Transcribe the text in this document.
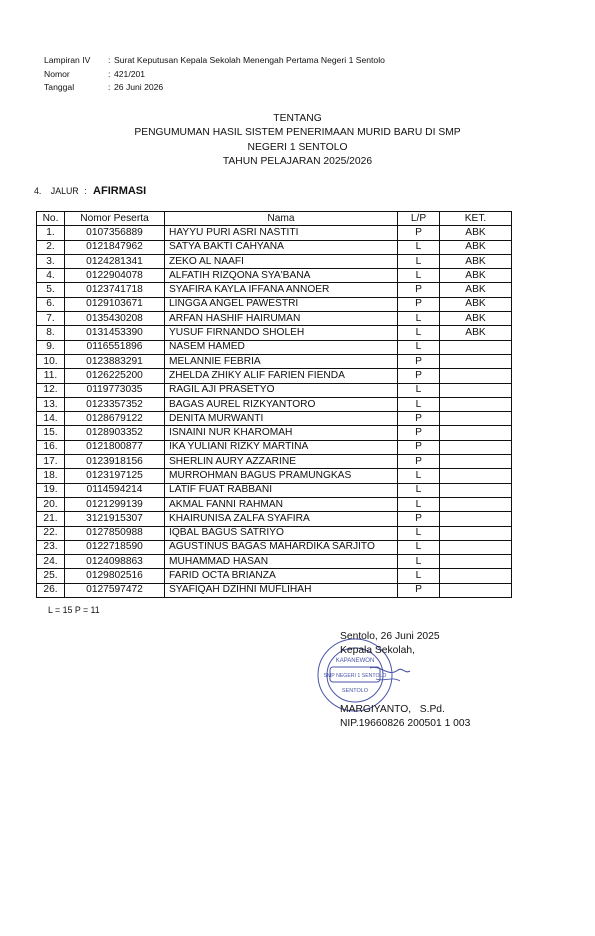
Lampiran IV	: Surat Keputusan Kepala Sekolah Menengah Pertama Negeri 1 Sentolo
Nomor	: 421/201
Tanggal	: 26 Juni 2026
TENTANG
PENGUMUMAN HASIL SISTEM PENERIMAAN MURID BARU DI SMP
NEGERI 1 SENTOLO
TAHUN PELAJARAN 2025/2026
4. JALUR : AFIRMASI
No.	Nomor Peserta	Nama	L/P	KET.
1.	0107356889	HAYYU PURI ASRI NASTITI	P	ABK
2.	0121847962	SATYA BAKTI CAHYANA	L	ABK
3.	0124281341	ZEKO AL NAAFI	L	ABK
4.	0122904078	ALFATIH RIZQONA SYA'BANA	L	ABK
5.	0123741718	SYAFIRA KAYLA IFFANA ANNOER	P	ABK
6.	0129103671	LINGGA ANGEL PAWESTRI	P	ABK
7.	0135430208	ARFAN HASHIF HAIRUMAN	L	ABK
8.	0131453390	YUSUF FIRNANDO SHOLEH	L	ABK
9.	0116551896	NASEM HAMED	L	
10.	0123883291	MELANNIE FEBRIA	P	
11.	0126225200	ZHELDA ZHIKY ALIF FARIEN FIENDA	P	
12.	0119773035	RAGIL AJI PRASETYO	L	
13.	0123357352	BAGAS AUREL RIZKYANTORO	L	
14.	0128679122	DENITA MURWANTI	P	
15.	0128903352	ISNAINI NUR KHAROMAH	P	
16.	0121800877	IKA YULIANI RIZKY MARTINA	P	
17.	0123918156	SHERLIN AURY AZZARINE	P	
18.	0123197125	MURROHMAN BAGUS PRAMUNGKAS	L	
19.	0114594214	LATIF FUAT RABBANI	L	
20.	0121299139	AKMAL FANNI RAHMAN	L	
21.	3121915307	KHAIRUNISA ZALFA SYAFIRA	P	
22.	0127850988	IQBAL BAGUS SATRIYO	L	
23.	0122718590	AGUSTINUS BAGAS MAHARDIKA SARJITO	L	
24.	0124098863	MUHAMMAD HASAN	L	
25.	0129802516	FARID OCTA BRIANZA	L	
26.	0127597472	SYAFIQAH DZIHNI MUFLIHAH	P	
L = 15 P = 11
KAPANEWON
SMP NEGERI 1 SENTOLO
SENTOLO
Sentolo, 26 Juni 2025
Kepala Sekolah,
MARGIYANTO,   S.Pd.
NIP.19660826 200501 1 003
